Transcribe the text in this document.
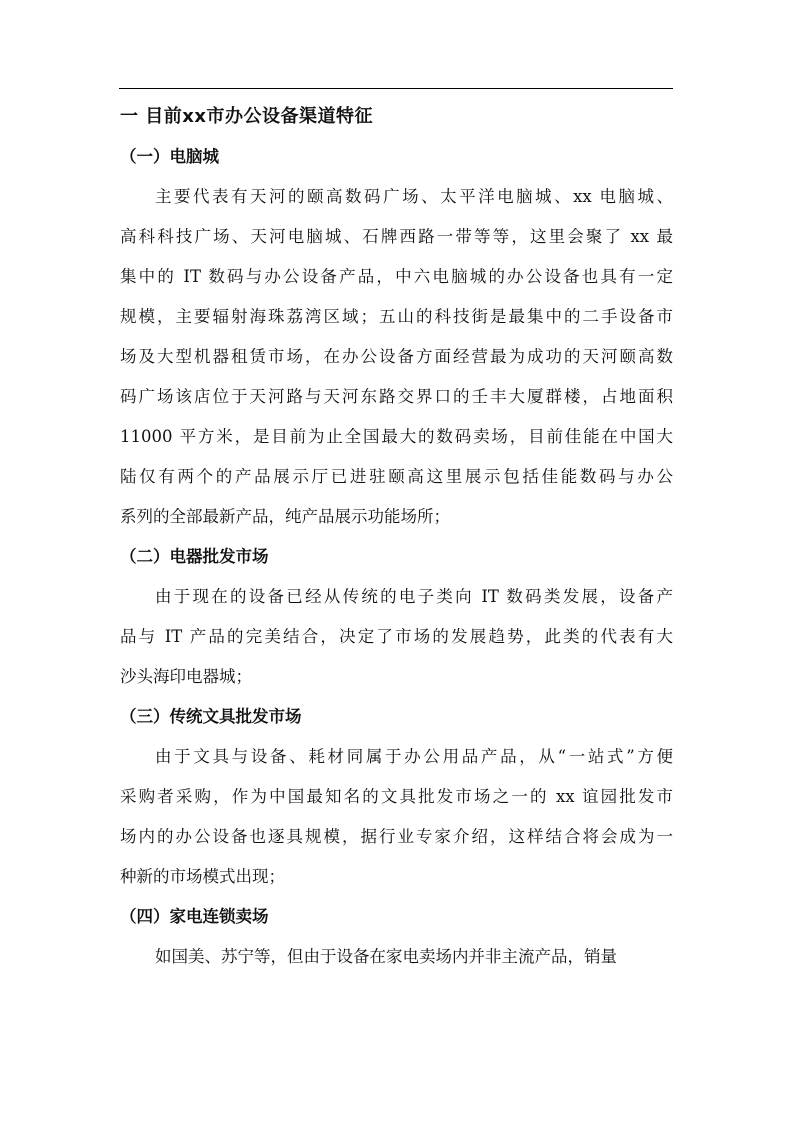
一 目前xx市办公设备渠道特征
（一）电脑城
主要代表有天河的颐高数码广场、太平洋电脑城、xx 电脑城、
高科科技广场、天河电脑城、石牌西路一带等等，这里会聚了 xx 最
集中的 IT 数码与办公设备产品，中六电脑城的办公设备也具有一定
规模，主要辐射海珠荔湾区域；五山的科技街是最集中的二手设备市
场及大型机器租赁市场，在办公设备方面经营最为成功的天河颐高数
码广场该店位于天河路与天河东路交界口的壬丰大厦群楼，占地面积
11000 平方米，是目前为止全国最大的数码卖场，目前佳能在中国大
陆仅有两个的产品展示厅已进驻颐高这里展示包括佳能数码与办公
系列的全部最新产品，纯产品展示功能场所；
（二）电器批发市场
由于现在的设备已经从传统的电子类向 IT 数码类发展，设备产
品与 IT 产品的完美结合，决定了市场的发展趋势，此类的代表有大
沙头海印电器城；
（三）传统文具批发市场
由于文具与设备、耗材同属于办公用品产品，从“一站式”方便
采购者采购，作为中国最知名的文具批发市场之一的 xx 谊园批发市
场内的办公设备也逐具规模，据行业专家介绍，这样结合将会成为一
种新的市场模式出现；
（四）家电连锁卖场
如国美、苏宁等，但由于设备在家电卖场内并非主流产品，销量
